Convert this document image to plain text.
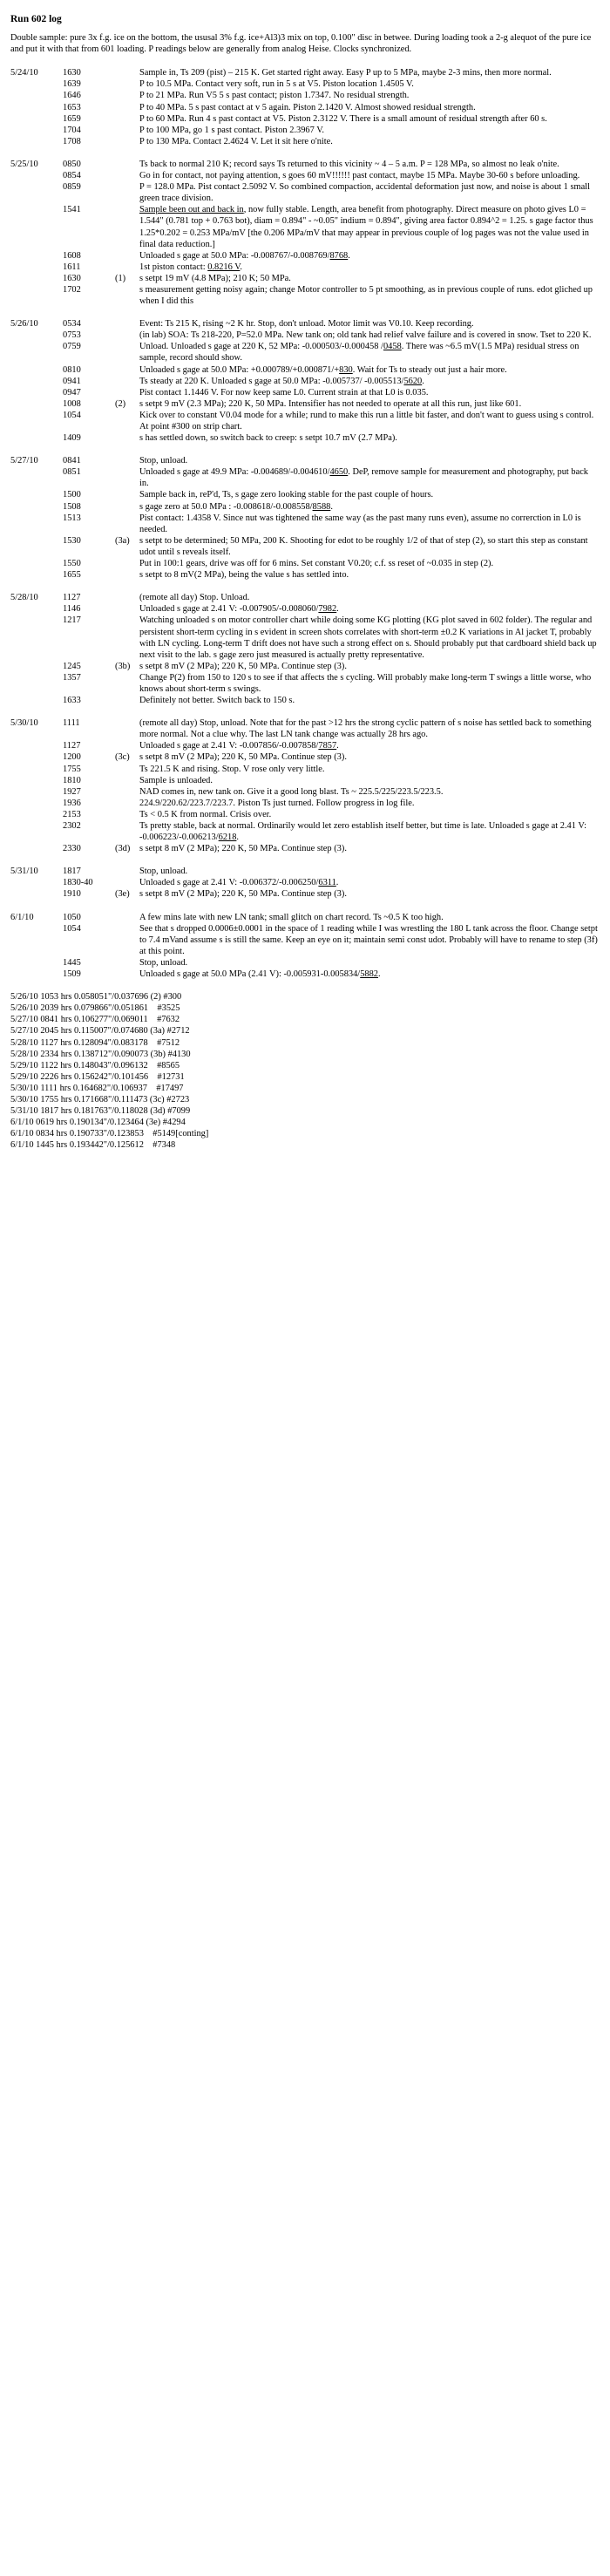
Run 602 log
Double sample: pure 3x f.g. ice on the bottom, the ususal 3% f.g. ice+Al3)3 mix on top, 0.100" disc in betwee. During loading took a 2-g alequot of the pure ice and put it with that from 601 loading. P readings below are generally from analog Heise. Clocks synchronized.
5/24/10	1630	Sample in, Ts 209 (pist) – 215 K. Get started right away. Easy P up to 5 MPa, maybe 2-3 mins, then more normal.
1639	P to 10.5 MPa. Contact very soft, run in 5 s at V5. Piston location 1.4505 V.
1646	P to 21 MPa. Run V5 5 s past contact; piston 1.7347. No residual strength.
1653	P to 40 MPa. 5 s past contact at v 5 again. Piston 2.1420 V. Almost showed residual strength.
1659	P to 60 MPa. Run 4 s past contact at V5. Piston 2.3122 V. There is a small amount of residual strength after 60 s.
1704	P to 100 MPa, go 1 s past contact. Piston 2.3967 V.
1708	P to 130 MPa. Contact 2.4624 V. Let it sit here o'nite.
5/25/10	0850	Ts back to normal 210 K; record says Ts returned to this vicinity ~ 4 – 5 a.m. P = 128 MPa, so almost no leak o'nite.
0854	Go in for contact, not paying attention, s goes 60 mV!!!!!! past contact, maybe 15 MPa. Maybe 30-60 s before unloading.
0859	P = 128.0 MPa. Pist contact 2.5092 V. So combined compaction, accidental deformation just now, and noise is about 1 small green trace division.
1541	Sample been out and back in, now fully stable. Length, area benefit from photography. Direct measure on photo gives L0 = 1.544" (0.781 top + 0.763 bot), diam = 0.894" - ~0.05" indium = 0.894", giving area factor 0.894^2 = 1.25. s gage factor thus 1.25*0.202 = 0.253 MPa/mV [the 0.206 MPa/mV that may appear in previous couple of log pages was not the value used in final data reduction.]
1608	Unloaded s gage at 50.0 MPa: -0.008767/-0.008769/8768.
1611	1st piston contact: 0.8216 V.
1630	(1)	s setpt 19 mV (4.8 MPa); 210 K; 50 MPa.
1702	s measurement getting noisy again; change Motor controller to 5 pt smoothing, as in previous couple of runs. edot gliched up when I did this
5/26/10	0534	Event: Ts 215 K, rising ~2 K hr. Stop, don't unload. Motor limit was V0.10. Keep recording.
0753	(in lab) SOA: Ts 218-220, P=52.0 MPa. New tank on; old tank had relief valve failure and is covered in snow. Tset to 220 K.
0759	Unload. Unloaded s gage at 220 K, 52 MPa: -0.000503/-0.000458 /0458. There was ~6.5 mV(1.5 MPa) residual stress on sample, record should show.
0810	Unloaded s gage at 50.0 MPa: +0.000789/+0.000871/+830. Wait for Ts to steady out just a hair more.
0941	Ts steady at 220 K. Unloaded s gage at 50.0 MPa: -0.005737/ -0.005513/5620.
0947	Pist contact 1.1446 V. For now keep same L0. Current strain at that L0 is 0.035.
1008	(2)	s setpt 9 mV (2.3 MPa); 220 K, 50 MPa. Intensifier has not needed to operate at all this run, just like 601.
1054	Kick over to constant V0.04 mode for a while; rund to make this run a little bit faster, and don't want to guess using s control. At point #300 on strip chart.
1409	s has settled down, so switch back to creep: s setpt 10.7 mV (2.7 MPa).
5/27/10	0841	Stop, unload.
0851	Unloaded s gage at 49.9 MPa: -0.004689/-0.004610/4650. DeP, remove sample for measurement and photography, put back in.
1500	Sample back in, reP'd, Ts, s gage zero looking stable for the past couple of hours.
1508	s gage zero at 50.0 MPa : -0.008618/-0.008558/8588.
1513	Pist contact: 1.4358 V. Since nut was tightened the same way (as the past many runs even), assume no correrction in L0 is needed.
1530	(3a)	s setpt to be determined; 50 MPa, 200 K. Shooting for edot to be roughly 1/2 of that of step (2), so start this step as constant udot until s reveals itself.
1550	Put in 100:1 gears, drive was off for 6 mins. Set constant V0.20; c.f. ss reset of ~0.035 in step (2).
1655	s setpt to 8 mV(2 MPa), being the value s has settled into.
5/28/10	1127	(remote all day) Stop. Unload.
1146	Unloaded s gage at 2.41 V: -0.007905/-0.008060/7982.
1217	Watching unloaded s on motor controller chart while doing some KG plotting (KG plot saved in 602 folder). The regular and persistent short-term cycling in s evident in screen shots correlates with short-term ±0.2 K variations in Al jacket T, probably with LN cycling. Long-term T drift does not have such a strong effect on s. Should probably put that cardboard shield back up next visit to the lab. s gage zero just measured is actually pretty representative.
1245	(3b)	s setpt 8 mV (2 MPa); 220 K, 50 MPa. Continue step (3).
1357	Change P(2) from 150 to 120 s to see if that affects the s cycling. Will probably make long-term T swings a little worse, who knows about short-term s swings.
1633	Definitely not better. Switch back to 150 s.
5/30/10	1111	(remote all day) Stop, unload. Note that for the past >12 hrs the strong cyclic pattern of s noise has settled back to something more normal. Not a clue why. The last LN tank change was actually 28 hrs ago.
1127	Unloaded s gage at 2.41 V: -0.007856/-0.007858/7857.
1200	(3c)	s setpt 8 mV (2 MPa); 220 K, 50 MPa. Continue step (3).
1755	Ts 221.5 K and rising. Stop. V rose only very little.
1810	Sample is unloaded.
1927	NAD comes in, new tank on. Give it a good long blast. Ts ~ 225.5/225/223.5/223.5.
1936	224.9/220.62/223.7/223.7. Piston Ts just turned. Follow progress in log file.
2153	Ts < 0.5 K from normal. Crisis over.
2302	Ts pretty stable, back at normal. Ordinarily would let zero establish itself better, but time is late. Unloaded s gage at 2.41 V: -0.006223/-0.006213/6218.
2330	(3d)	s setpt 8 mV (2 MPa); 220 K, 50 MPa. Continue step (3).
5/31/10	1817	Stop, unload.
1830-40	Unloaded s gage at 2.41 V: -0.006372/-0.006250/6311.
1910	(3e)	s setpt 8 mV (2 MPa); 220 K, 50 MPa. Continue step (3).
6/1/10	1050	A few mins late with new LN tank; small glitch on chart record. Ts ~0.5 K too high.
1054	See that s dropped 0.0006±0.0001 in the space of 1 reading while I was wrestling the 180 L tank across the floor. Change setpt to 7.4 mVand assume s is still the same. Keep an eye on it; maintain semi const udot. Probably will have to rename to step (3f) at this point.
1445	Stop, unload.
1509	Unloaded s gage at 50.0 MPa (2.41 V): -0.005931-0.005834/5882.
5/26/10 1053 hrs 0.058051"/0.037696 (2) #300
5/26/10 2039 hrs 0.079866"/0.051861    #3525
5/27/10 0841 hrs 0.106277"/0.069011    #7632
5/27/10 2045 hrs 0.115007"/0.074680 (3a) #2712
5/28/10 1127 hrs 0.128094"/0.083178    #7512
5/28/10 2334 hrs 0.138712"/0.090073 (3b) #4130
5/29/10 1122 hrs 0.148043"/0.096132    #8565
5/29/10 2226 hrs 0.156242"/0.101456    #12731
5/30/10 1111 hrs 0.164682"/0.106937    #17497
5/30/10 1755 hrs 0.171668"/0.111473 (3c) #2723
5/31/10 1817 hrs 0.181763"/0.118028 (3d) #7099
6/1/10 0619 hrs 0.190134"/0.123464 (3e) #4294
6/1/10 0834 hrs 0.190733"/0.123853    #5149[conting]
6/1/10 1445 hrs 0.193442"/0.125612    #7348
